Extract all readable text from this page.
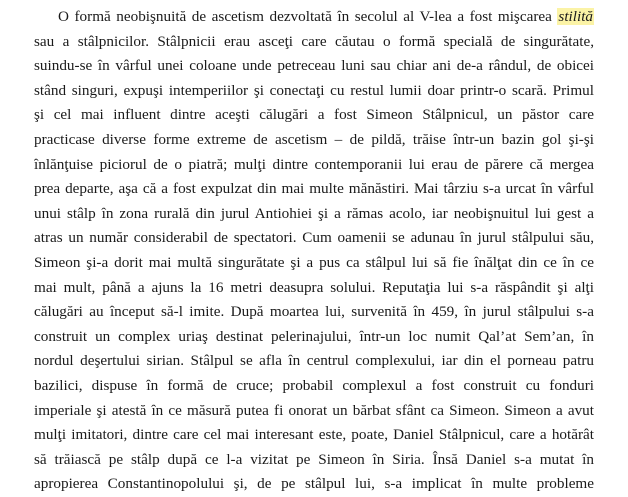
O formă neobişnuită de ascetism dezvoltată în secolul al V-lea a fost mişcarea stilită
sau a stâlpnicilor. Stâlpnicii erau asceţi care căutau o formă specială de singurătate,
suindu-se în vârful unei coloane unde petreceau luni sau chiar ani de-a rândul, de obicei
stând singuri, expuşi intemperiilor şi conectaţi cu restul lumii doar printr-o scară. Primul
şi cel mai influent dintre aceşti călugări a fost Simeon Stâlpnicul, un păstor care
practicase diverse forme extreme de ascetism – de pildă, trăise într-un bazin gol şi-şi
înlănţuise piciorul de o piatră; mulţi dintre contemporanii lui erau de părere că mergea
prea departe, aşa că a fost expulzat din mai multe mănăstiri. Mai târziu s-a urcat în vârful
unui stâlp în zona rurală din jurul Antiohiei şi a rămas acolo, iar neobişnuitul lui gest a
atras un număr considerabil de spectatori. Cum oamenii se adunau în jurul stâlpului său,
Simeon şi-a dorit mai multă singurătate şi a pus ca stâlpul lui să fie înălţat din ce în ce
mai mult, până a ajuns la 16 metri deasupra solului. Reputaţia lui s-a răspândit şi alţi
călugări au început să-l imite. După moartea lui, survenită în 459, în jurul stâlpului s-a
construit un complex uriaş destinat pelerinajului, într-un loc numit Qal’at Sem’an, în
nordul deşertului sirian. Stâlpul se afla în centrul complexului, iar din el porneau patru
bazilici, dispuse în formă de cruce; probabil complexul a fost construit cu fonduri
imperiale şi atestă în ce măsură putea fi onorat un bărbat sfânt ca Simeon. Simeon a avut
mulţi imitatori, dintre care cel mai interesant este, poate, Daniel Stâlpnicul, care a hotărât
să trăiască pe stâlp după ce l-a vizitat pe Simeon în Siria. Însă Daniel s-a mutat în
apropierea Constantinopolului şi, de pe stâlpul lui, s-a implicat în multe probleme
